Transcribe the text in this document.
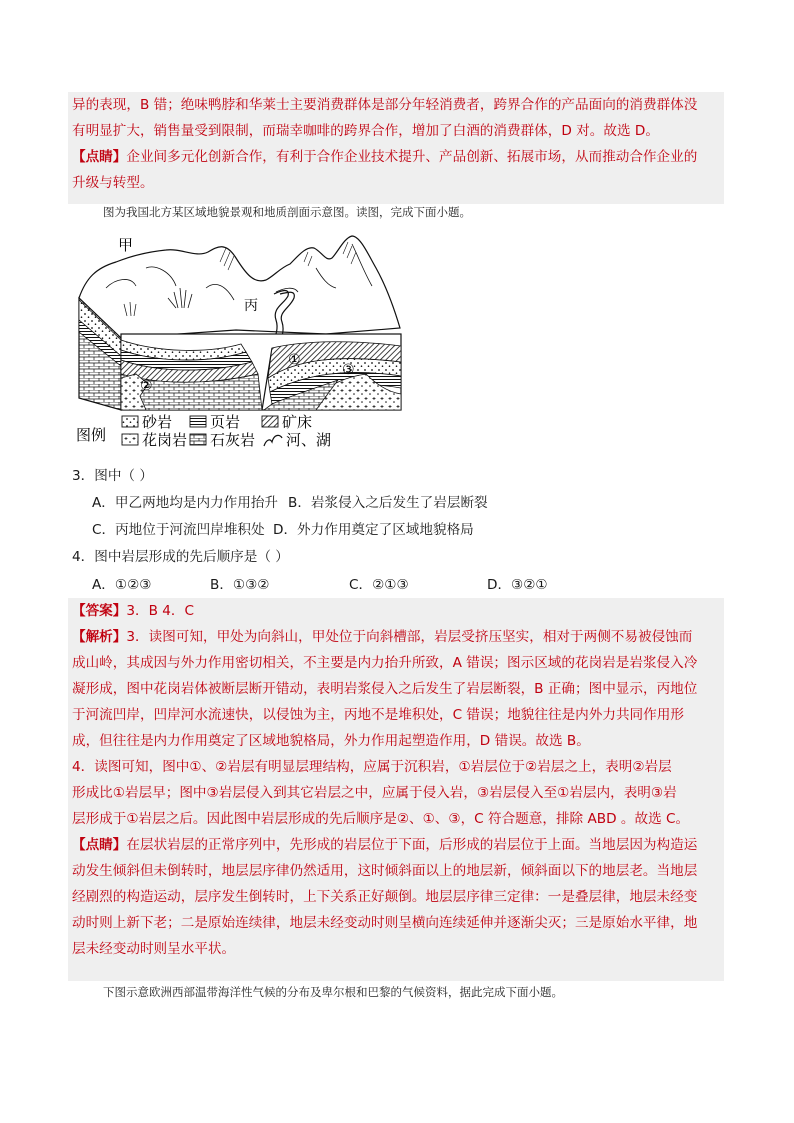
异的表现，B 错；绝味鸭脖和华莱士主要消费群体是部分年轻消费者，跨界合作的产品面向的消费群体没
有明显扩大，销售量受到限制，而瑞幸咖啡的跨界合作，增加了白酒的消费群体，D 对。故选 D。
【点睛】企业间多元化创新合作，有利于合作企业技术提升、产品创新、拓展市场，从而推动合作企业的
升级与转型。
图为我国北方某区域地貌景观和地质剖面示意图。读图，完成下面小题。
甲
丙
①
②
③
图例
砂岩	页岩	矿床
花岗岩 石灰岩 河、湖
3．图中（ ）
A．甲乙两地均是内力作用抬升 B．岩浆侵入之后发生了岩层断裂
C．丙地位于河流凹岸堆积处 D．外力作用奠定了区域地貌格局
4．图中岩层形成的先后顺序是（ ）
A．①②③	B．①③②	C．②①③	D．③②①
【答案】3．B 4．C
【解析】3．读图可知，甲处为向斜山，甲处位于向斜槽部，岩层受挤压坚实，相对于两侧不易被侵蚀而
成山岭，其成因与外力作用密切相关，不主要是内力抬升所致，A 错误；图示区域的花岗岩是岩浆侵入冷
凝形成，图中花岗岩体被断层断开错动，表明岩浆侵入之后发生了岩层断裂，B 正确；图中显示，丙地位
于河流凹岸，凹岸河水流速快，以侵蚀为主，丙地不是堆积处，C 错误；地貌往往是内外力共同作用形
成，但往往是内力作用奠定了区域地貌格局，外力作用起塑造作用，D 错误。故选 B。
4．读图可知，图中①、②岩层有明显层理结构，应属于沉积岩，①岩层位于②岩层之上，表明②岩层
形成比①岩层早；图中③岩层侵入到其它岩层之中，应属于侵入岩，③岩层侵入至①岩层内，表明③岩
层形成于①岩层之后。因此图中岩层形成的先后顺序是②、①、③，C 符合题意，排除 ABD 。故选 C。
【点睛】在层状岩层的正常序列中，先形成的岩层位于下面，后形成的岩层位于上面。当地层因为构造运
动发生倾斜但未倒转时，地层层序律仍然适用，这时倾斜面以上的地层新，倾斜面以下的地层老。当地层
经剧烈的构造运动，层序发生倒转时，上下关系正好颠倒。地层层序律三定律：一是叠层律，地层未经变
动时则上新下老；二是原始连续律，地层未经变动时则呈横向连续延伸并逐渐尖灭；三是原始水平律，地
层未经变动时则呈水平状。
下图示意欧洲西部温带海洋性气候的分布及卑尔根和巴黎的气候资料，据此完成下面小题。
